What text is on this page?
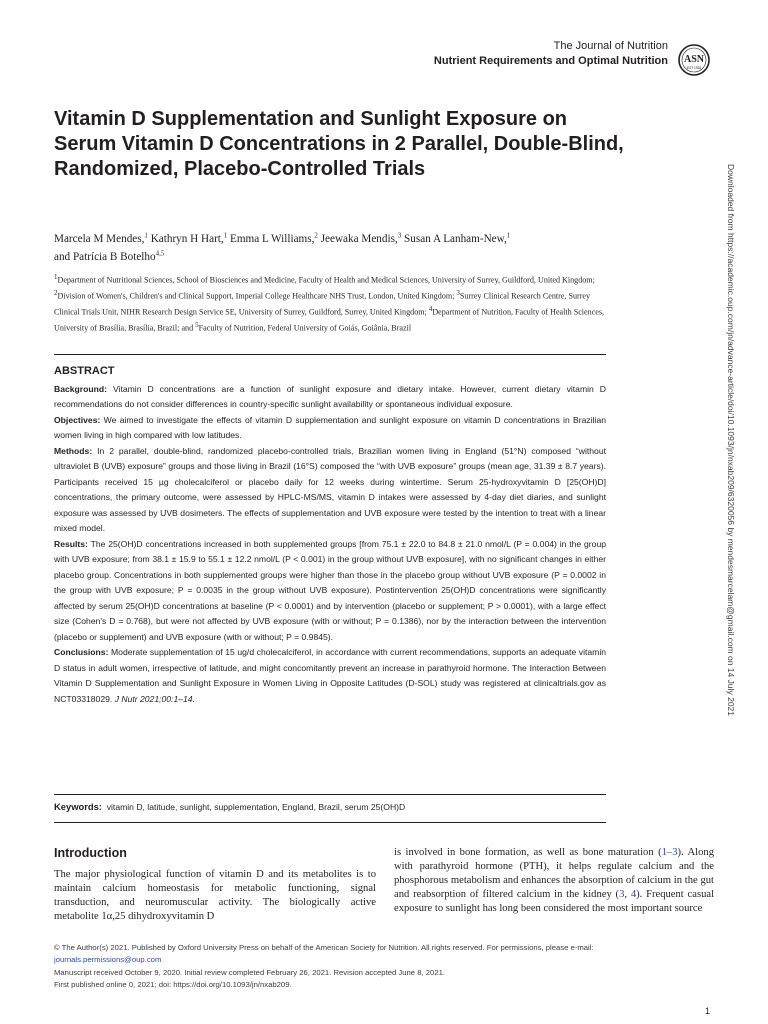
The Journal of Nutrition
Nutrient Requirements and Optimal Nutrition ASN
EST 1928
Vitamin D Supplementation and Sunlight Exposure on Serum Vitamin D Concentrations in 2 Parallel, Double-Blind, Randomized, Placebo-Controlled Trials
Marcela M Mendes,$^1$ Kathryn H Hart,$^1$ Emma L Williams,$^2$ Jeewaka Mendis,$^3$ Susan A Lanham-New,$^1$
and Patrícia B Botelho$^{4,5}$
$^1$Department of Nutritional Sciences, School of Biosciences and Medicine, Faculty of Health and Medical Sciences, University of Surrey, Guildford, United Kingdom; $^2$Division of Women's, Children's and Clinical Support, Imperial College Healthcare NHS Trust, London, United Kingdom; $^3$Surrey Clinical Research Centre, Surrey Clinical Trials Unit, NIHR Research Design Service SE, University of Surrey, Guildford, Surrey, United Kingdom; $^4$Department of Nutrition, Faculty of Health Sciences, University of Brasília, Brasília, Brazil; and $^5$Faculty of Nutrition, Federal University of Goiás, Goiânia, Brazil
ABSTRACT

Background: Vitamin D concentrations are a function of sunlight exposure and dietary intake. However, current dietary vitamin D recommendations do not consider differences in country-specific sunlight availability or spontaneous individual exposure.

Objectives: We aimed to investigate the effects of vitamin D supplementation and sunlight exposure on vitamin D concentrations in Brazilian women living in high compared with low latitudes.

Methods: In 2 parallel, double-blind, randomized placebo-controlled trials, Brazilian women living in England (51°N) composed “without ultraviolet B (UVB) exposure” groups and those living in Brazil (16°S) composed the “with UVB exposure” groups (mean age, 31.39 ± 8.7 years). Participants received 15 µg cholecalciferol or placebo daily for 12 weeks during wintertime. Serum 25-hydroxyvitamin D [25(OH)D] concentrations, the primary outcome, were assessed by HPLC-MS/MS, vitamin D intakes were assessed by 4-day diet diaries, and sunlight exposure was assessed by UVB dosimeters. The effects of supplementation and UVB exposure were tested by the intention to treat with a linear mixed model.

Results: The 25(OH)D concentrations increased in both supplemented groups [from 75.1 ± 22.0 to 84.8 ± 21.0 nmol/L (P = 0.004) in the group with UVB exposure; from 38.1 ± 15.9 to 55.1 ± 12.2 nmol/L (P < 0.001) in the group without UVB exposure], with no significant changes in either placebo group. Concentrations in both supplemented groups were higher than those in the placebo group without UVB exposure (P = 0.0002 in the group with UVB exposure; P = 0.0035 in the group without UVB exposure). Postintervention 25(OH)D concentrations were significantly affected by serum 25(OH)D concentrations at baseline (P < 0.0001) and by intervention (placebo or supplement; P > 0.0001), with a large effect size (Cohen's D = 0.768), but were not affected by UVB exposure (with or without; P = 0.1386), nor by the interaction between the intervention (placebo or supplement) and UVB exposure (with or without; P = 0.9845).

Conclusions: Moderate supplementation of 15 ug/d cholecalciferol, in accordance with current recommendations, supports an adequate vitamin D status in adult women, irrespective of latitude, and might concomitantly prevent an increase in parathyroid hormone. The Interaction Between Vitamin D Supplementation and Sunlight Exposure in Women Living in Opposite Latitudes (D-SOL) study was registered at clinicaltrials.gov as NCT03318029. J Nutr 2021;00:1–14.

Keywords: vitamin D, latitude, sunlight, supplementation, England, Brazil, serum 25(OH)D
Introduction

The major physiological function of vitamin D and its metabolites is to maintain calcium homeostasis for metabolic functioning, signal transduction, and neuromuscular activity. The biologically active metabolite 1α,25 dihydroxyvitamin D

is involved in bone formation, as well as bone maturation (1–3). Along with parathyroid hormone (PTH), it helps regulate calcium and the phosphorous metabolism and enhances the absorption of calcium in the gut and reabsorption of filtered calcium in the kidney (3, 4). Frequent casual exposure to sunlight has long been considered the most important source

© The Author(s) 2021. Published by Oxford University Press on behalf of the American Society for Nutrition. All rights reserved. For permissions, please e-mail:
journals.permissions@oup.com
Manuscript received October 9, 2020. Initial review completed February 26, 2021. Revision accepted June 8, 2021.
First published online 0, 2021; doi: https://doi.org/10.1093/jn/nxab209.
1
Downloaded from https://academic.oup.com/jn/advance-article/doi/10.1093/jn/nxab209/6320056 by mendesmarcelam@gmail.com on 14 July 2021
